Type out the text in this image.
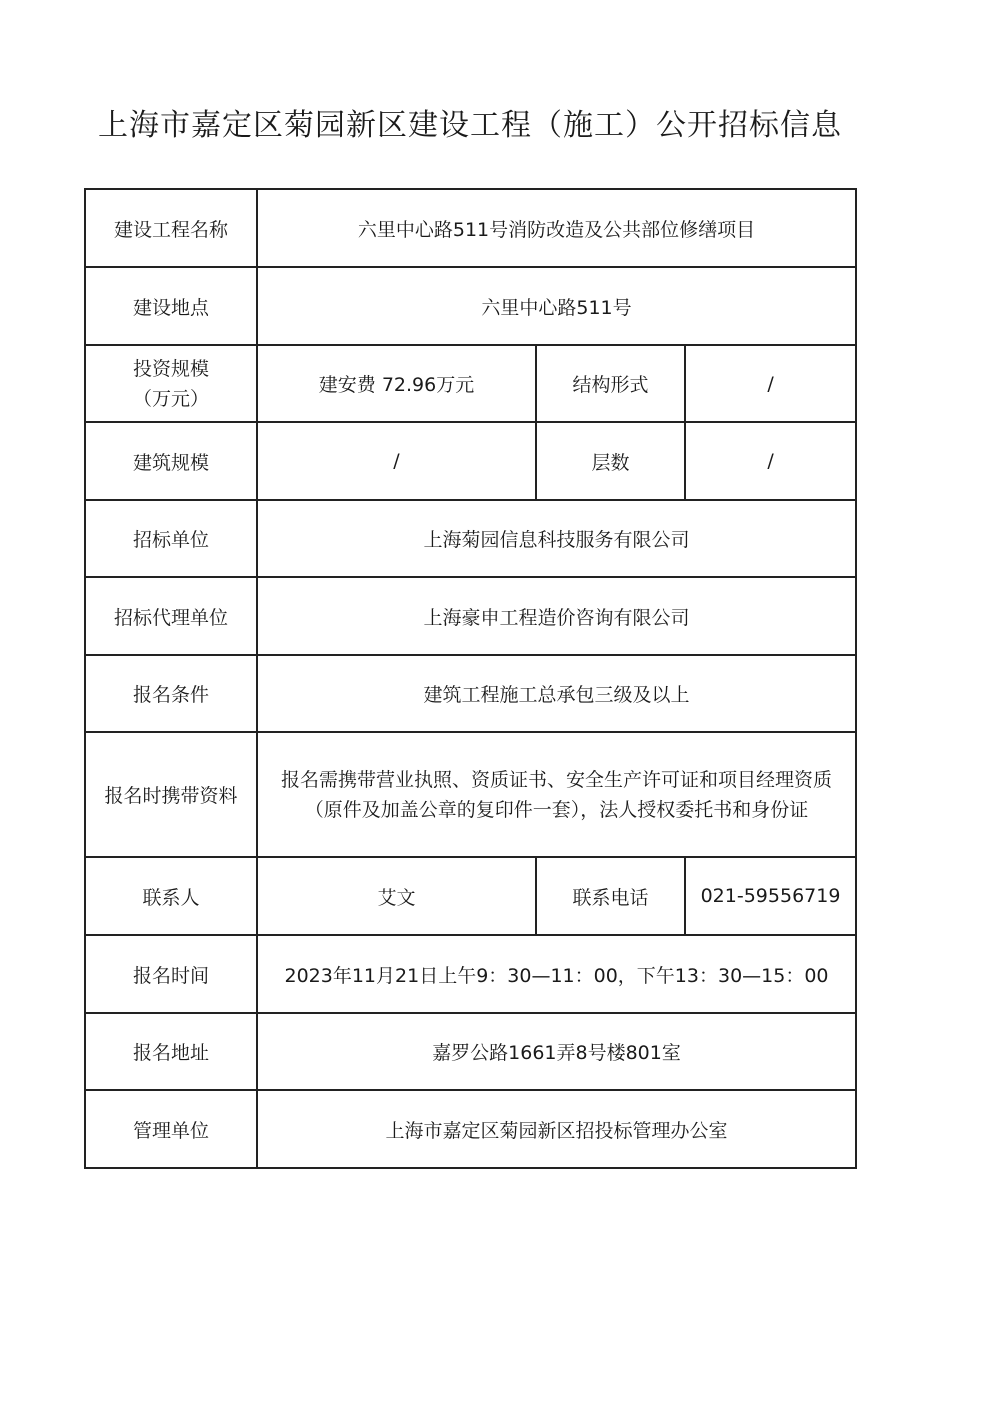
上海市嘉定区菊园新区建设工程（施工）公开招标信息
建设工程名称	六里中心路511号消防改造及公共部位修缮项目		
建设地点	六里中心路511号		

投资规模
（万元）	建安费 72.96万元	结构形式	/
建筑规模	/	层数	/
招标单位	上海菊园信息科技服务有限公司		
招标代理单位	上海豪申工程造价咨询有限公司		
报名条件	建筑工程施工总承包三级及以上		
报名时携带资料	报名需携带营业执照、资质证书、安全生产许可证和项目经理资质
（原件及加盖公章的复印件一套），法人授权委托书和身份证		

联系人	艾文	联系电话	021-59556719
报名时间	2023年11月21日上午9：30—11：00，下午13：30—15：00		
报名地址	嘉罗公路1661弄8号楼801室		
管理单位	上海市嘉定区菊园新区招投标管理办公室		
